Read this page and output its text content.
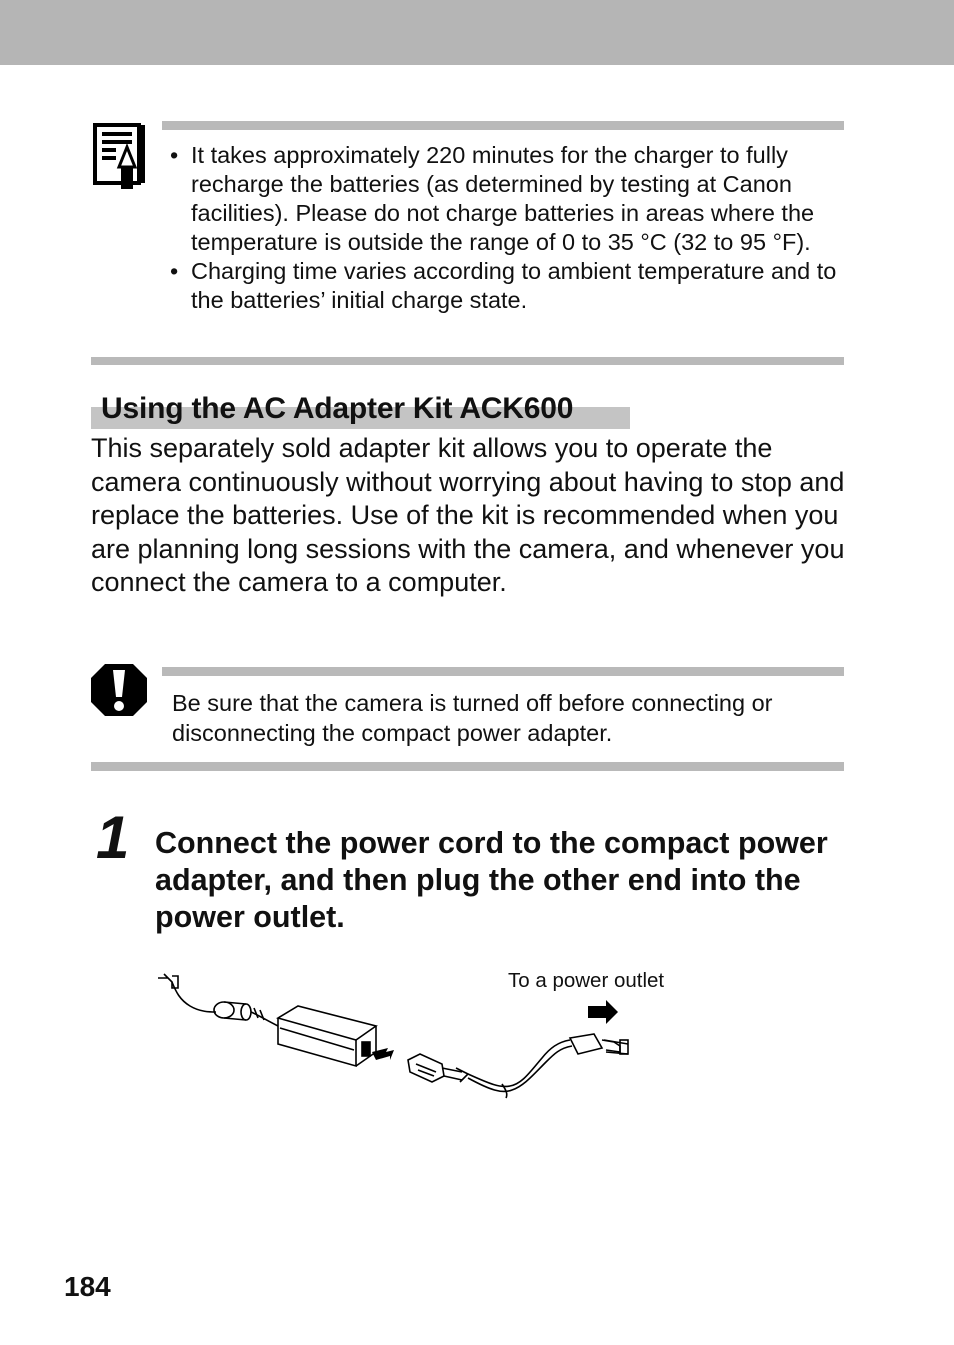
• It takes approximately 220 minutes for the charger to fully recharge the batteries (as determined by testing at Canon facilities). Please do not charge batteries in areas where the temperature is outside the range of 0 to 35 °C (32 to 95 °F).
• Charging time varies according to ambient temperature and to the batteries’ initial charge state.
Using the AC Adapter Kit ACK600

This separately sold adapter kit allows you to operate the camera continuously without worrying about having to stop and replace the batteries. Use of the kit is recommended when you are planning long sessions with the camera, and whenever you connect the camera to a computer.

Be sure that the camera is turned off before connecting or disconnecting the compact power adapter.

1 Connect the power cord to the compact power adapter, and then plug the other end into the power outlet.

To a power outlet
184
